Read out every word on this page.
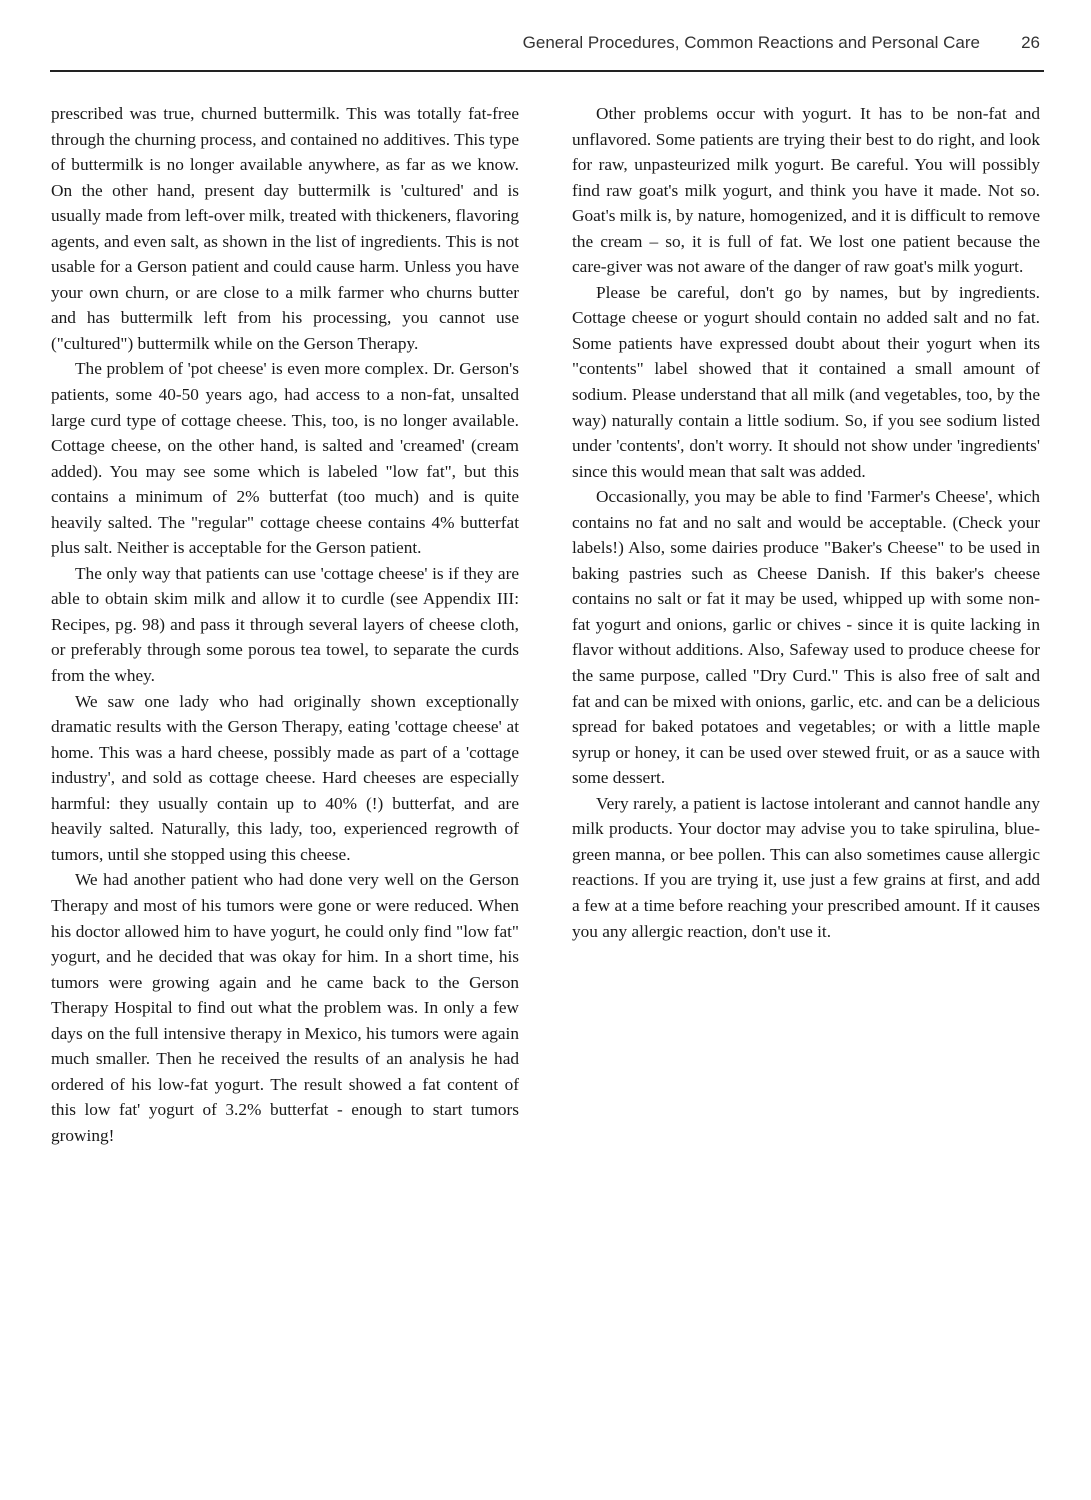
General Procedures, Common Reactions and Personal Care 26

prescribed was true, churned buttermilk. This was totally fat-free through the churning process, and contained no additives. This type of buttermilk is no longer available anywhere, as far as we know. On the other hand, present day buttermilk is 'cultured' and is usually made from left-over milk, treated with thickeners, flavoring agents, and even salt, as shown in the list of ingredients. This is not usable for a Gerson patient and could cause harm. Unless you have your own churn, or are close to a milk farmer who churns butter and has buttermilk left from his processing, you cannot use ("cultured") buttermilk while on the Gerson Therapy.

The problem of 'pot cheese' is even more complex. Dr. Gerson's patients, some 40-50 years ago, had access to a non-fat, unsalted large curd type of cottage cheese. This, too, is no longer available. Cottage cheese, on the other hand, is salted and 'creamed' (cream added). You may see some which is labeled "low fat", but this contains a minimum of 2% butterfat (too much) and is quite heavily salted. The "regular" cottage cheese contains 4% butterfat plus salt. Neither is acceptable for the Gerson patient.

The only way that patients can use 'cottage cheese' is if they are able to obtain skim milk and allow it to curdle (see Appendix III: Recipes, pg. 98) and pass it through several layers of cheese cloth, or preferably through some porous tea towel, to separate the curds from the whey.

We saw one lady who had originally shown exceptionally dramatic results with the Gerson Therapy, eating 'cottage cheese' at home. This was a hard cheese, possibly made as part of a 'cottage industry', and sold as cottage cheese. Hard cheeses are especially harmful: they usually contain up to 40% (!) butterfat, and are heavily salted. Naturally, this lady, too, experienced regrowth of tumors, until she stopped using this cheese.

We had another patient who had done very well on the Gerson Therapy and most of his tumors were gone or were reduced. When his doctor allowed him to have yogurt, he could only find "low fat" yogurt, and he decided that was okay for him. In a short time, his tumors were growing again and he came back to the Gerson Therapy Hospital to find out what the problem was. In only a few days on the full intensive therapy in Mexico, his tumors were again much smaller. Then he received the results of an analysis he had ordered of his low-fat yogurt. The result showed a fat content of this low fat' yogurt of 3.2% butterfat - enough to start tumors growing!

Other problems occur with yogurt. It has to be non-fat and unflavored. Some patients are trying their best to do right, and look for raw, unpasteurized milk yogurt. Be careful. You will possibly find raw goat's milk yogurt, and think you have it made. Not so. Goat's milk is, by nature, homogenized, and it is difficult to remove the cream – so, it is full of fat. We lost one patient because the care-giver was not aware of the danger of raw goat's milk yogurt.

Please be careful, don't go by names, but by ingredients. Cottage cheese or yogurt should contain no added salt and no fat. Some patients have expressed doubt about their yogurt when its "contents" label showed that it contained a small amount of sodium. Please understand that all milk (and vegetables, too, by the way) naturally contain a little sodium. So, if you see sodium listed under 'contents', don't worry. It should not show under 'ingredients' since this would mean that salt was added.

Occasionally, you may be able to find 'Farmer's Cheese', which contains no fat and no salt and would be acceptable. (Check your labels!) Also, some dairies produce "Baker's Cheese" to be used in baking pastries such as Cheese Danish. If this baker's cheese contains no salt or fat it may be used, whipped up with some non-fat yogurt and onions, garlic or chives - since it is quite lacking in flavor without additions. Also, Safeway used to produce cheese for the same purpose, called "Dry Curd." This is also free of salt and fat and can be mixed with onions, garlic, etc. and can be a delicious spread for baked potatoes and vegetables; or with a little maple syrup or honey, it can be used over stewed fruit, or as a sauce with some dessert.

Very rarely, a patient is lactose intolerant and cannot handle any milk products. Your doctor may advise you to take spirulina, blue-green manna, or bee pollen. This can also sometimes cause allergic reactions. If you are trying it, use just a few grains at first, and add a few at a time before reaching your prescribed amount. If it causes you any allergic reaction, don't use it.
